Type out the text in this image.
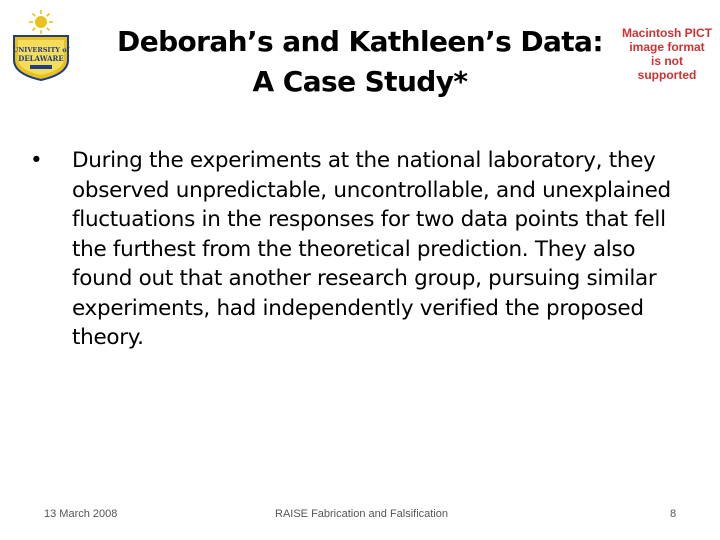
UNIVERSITY of
DELAWARE
Macintosh PICT
image format
is not supported
Deborah’s and Kathleen’s Data:
A Case Study*
• During the experiments at the national laboratory, they observed unpredictable, uncontrollable, and unexplained fluctuations in the responses for two data points that fell the furthest from the theoretical prediction. They also found out that another research group, pursuing similar experiments, had independently verified the proposed theory.
13 March 2008	RAISE Fabrication and Falsification	8
